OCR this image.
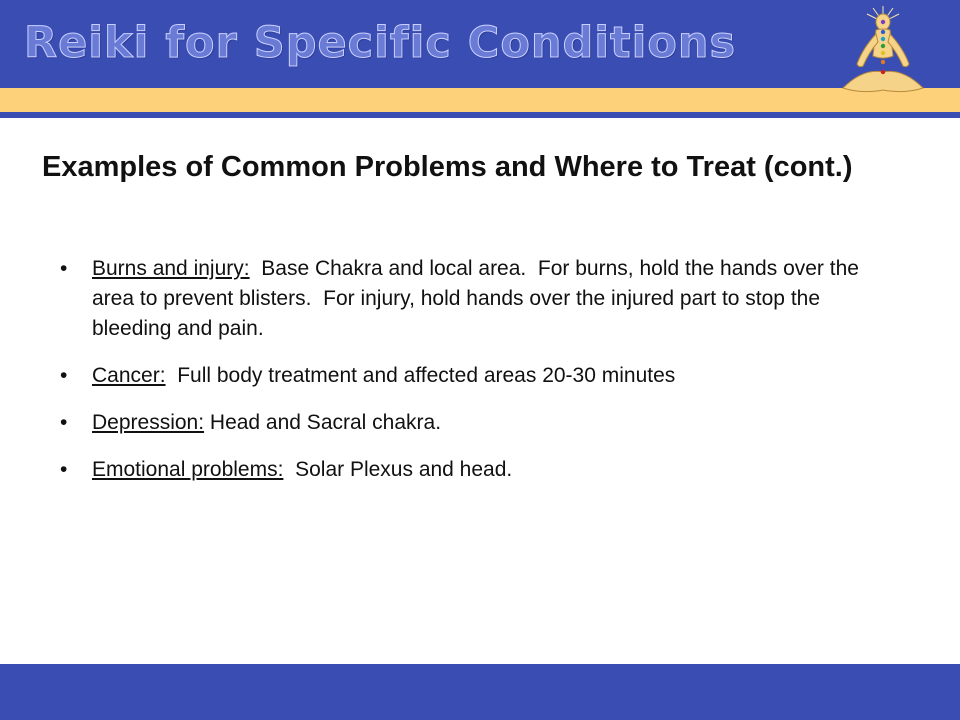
Reiki for Specific Conditions
Examples of Common Problems and Where to Treat (cont.)
• Burns and injury:  Base Chakra and local area.  For burns, hold the hands over the area to prevent blisters.  For injury, hold hands over the injured part to stop the bleeding and pain.
• Cancer:  Full body treatment and affected areas 20-30 minutes
• Depression: Head and Sacral chakra.
• Emotional problems:  Solar Plexus and head.
